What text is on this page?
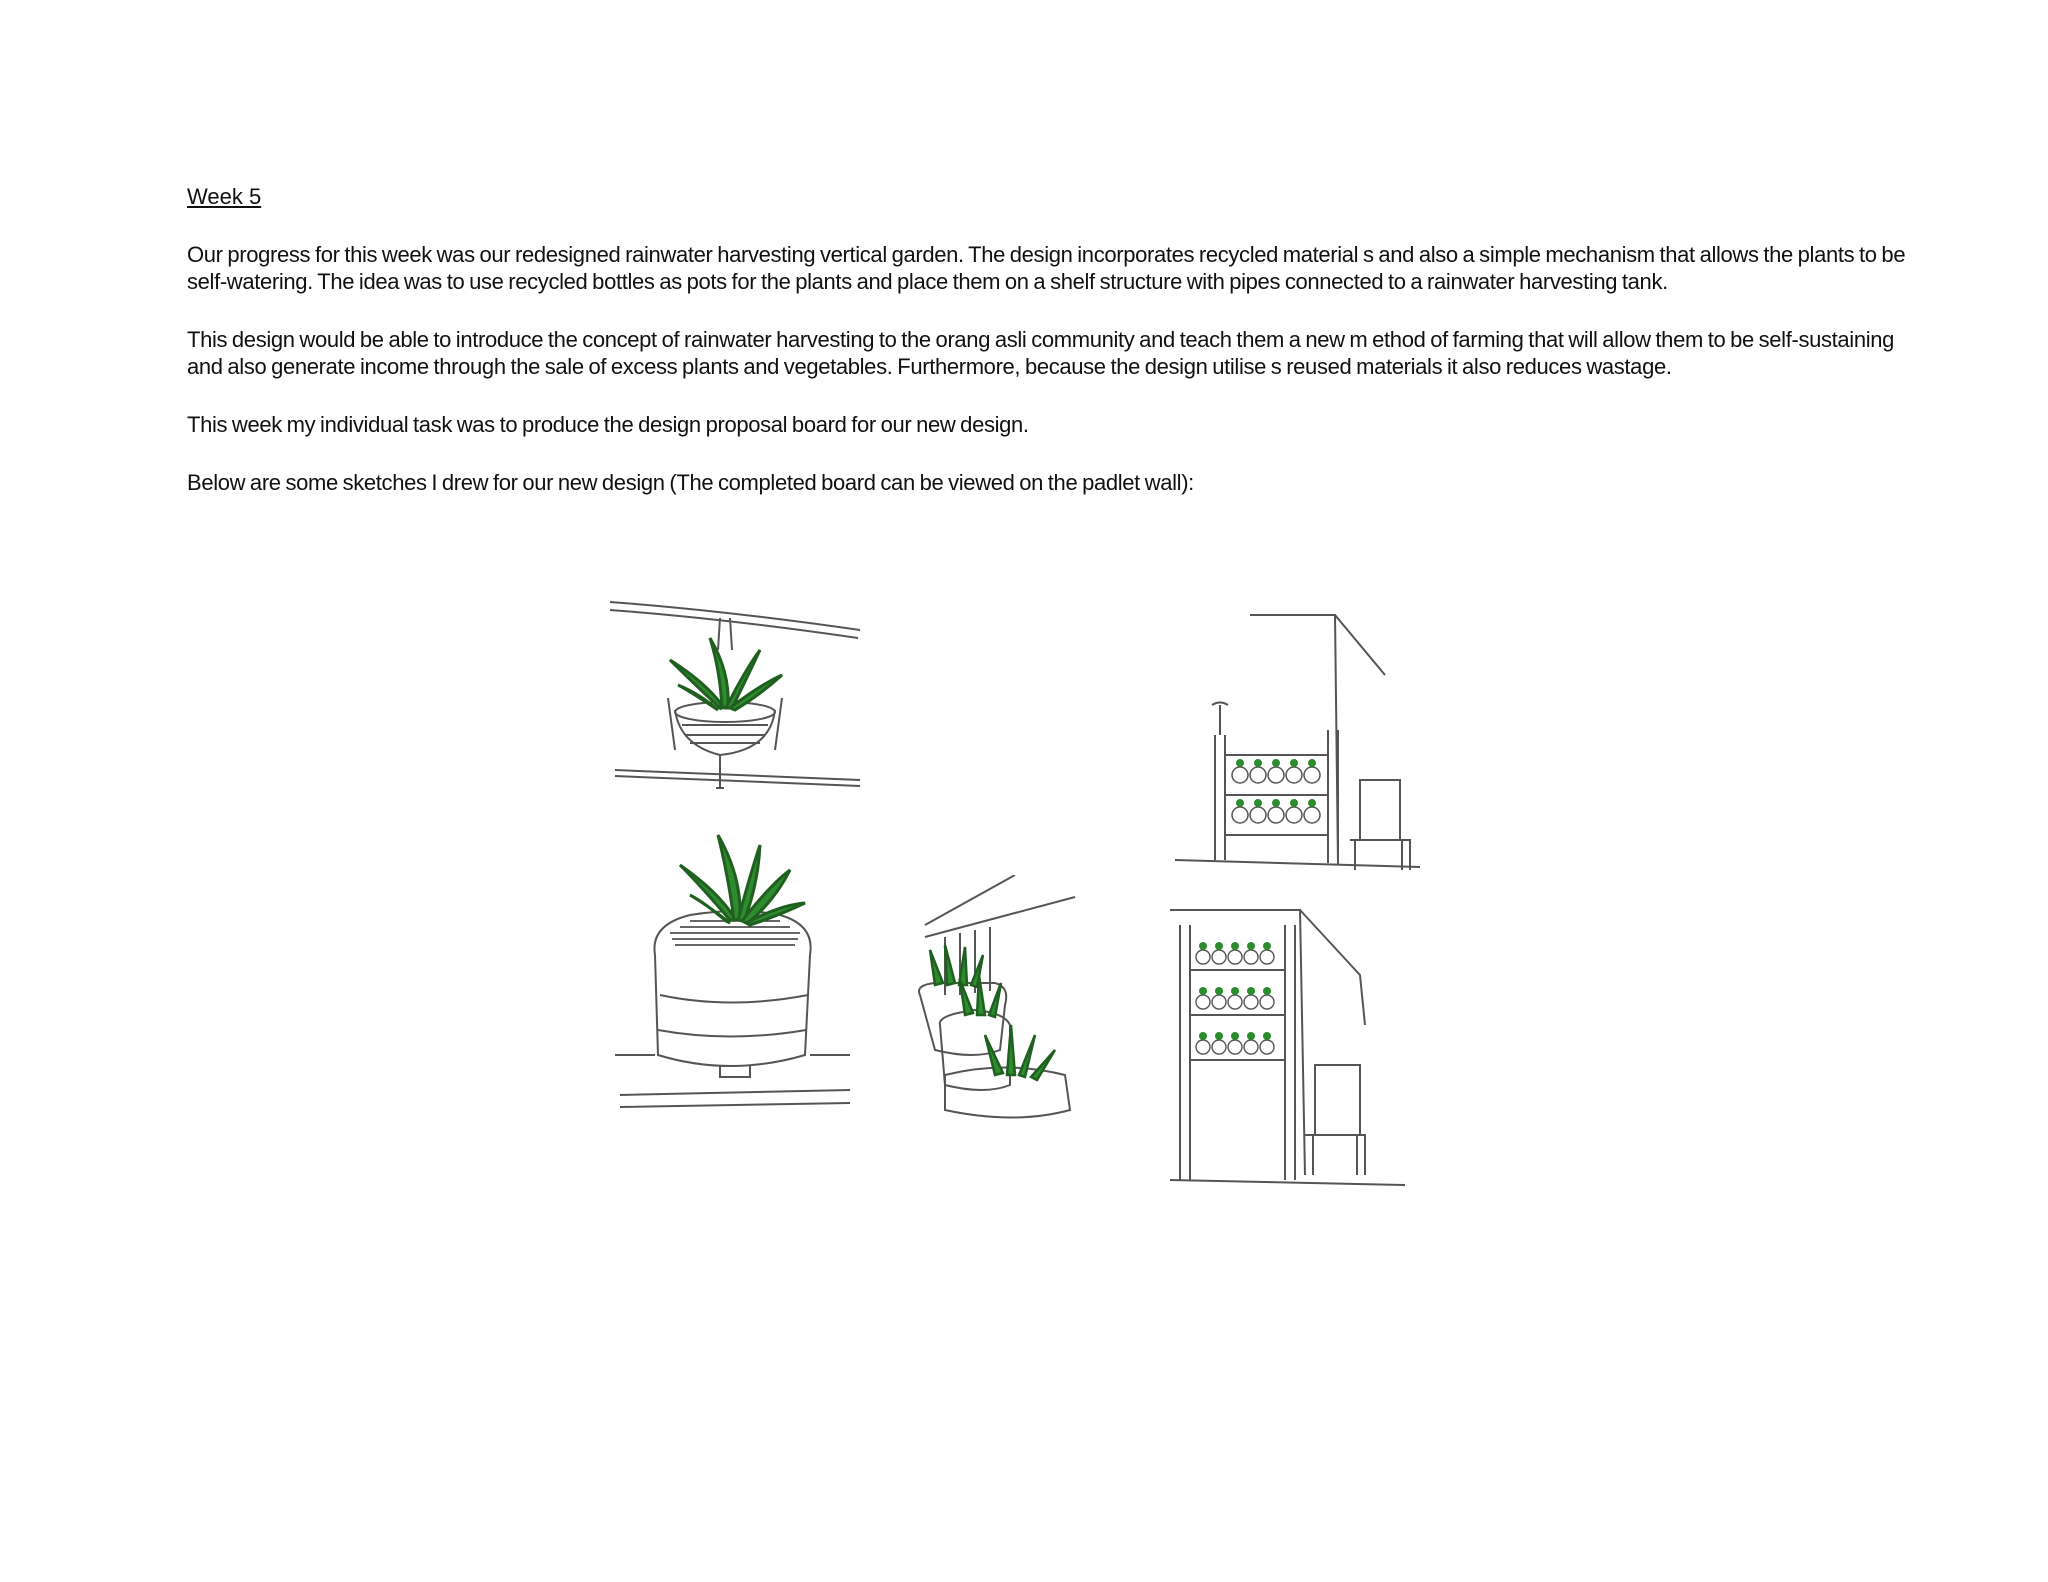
Week 5

Our progress for this week was our redesigned rainwater harvesting vertical garden. The design incorporates recycled material s and also a simple mechanism that allows the plants to be self-watering. The idea was to use recycled bottles as pots for the plants and place them on a shelf structure with pipes connected to a rainwater harvesting tank.

This design would be able to introduce the concept of rainwater harvesting to the orang asli community and teach them a new m ethod of farming that will allow them to be self-sustaining and also generate income through the sale of excess plants and vegetables. Furthermore, because the design utilise s reused materials it also reduces wastage.

This week my individual task was to produce the design proposal board for our new design.

Below are some sketches I drew for our new design (The completed board can be viewed on the padlet wall):
